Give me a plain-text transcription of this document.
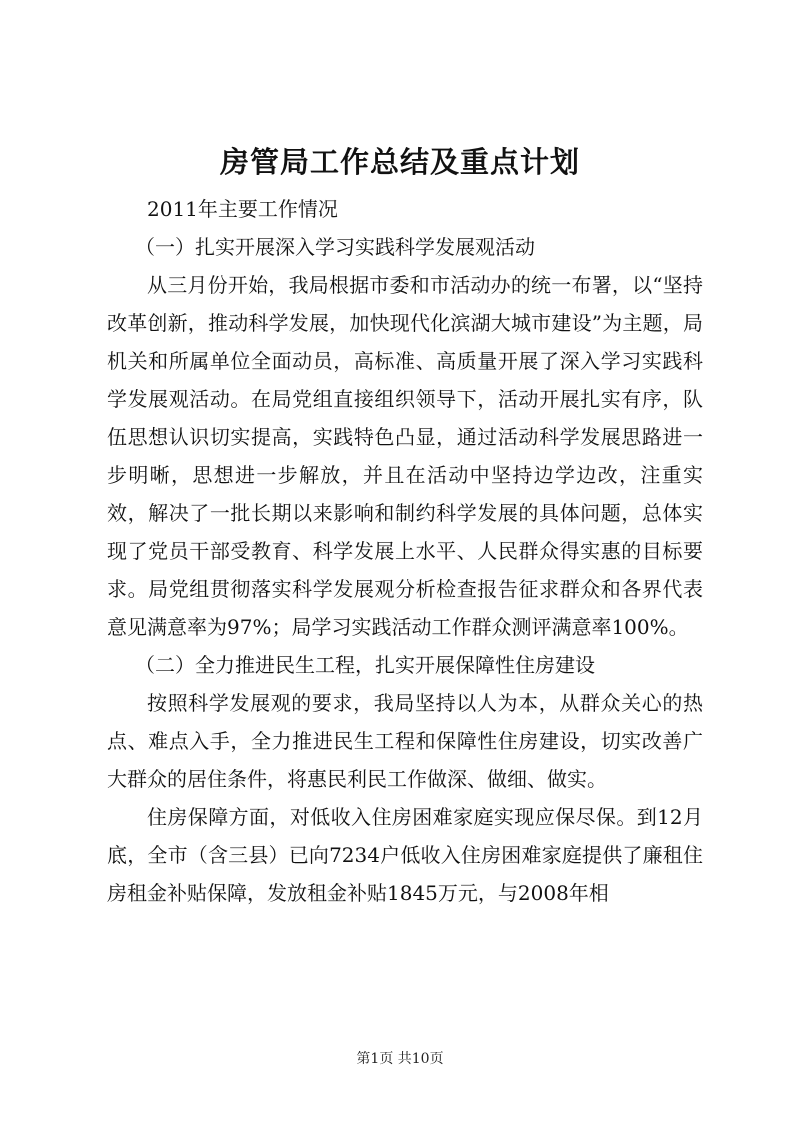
房管局工作总结及重点计划

2011年主要工作情况

（一）扎实开展深入学习实践科学发展观活动

从三月份开始，我局根据市委和市活动办的统一布署，以“坚持改革创新，推动科学发展，加快现代化滨湖大城市建设”为主题，局机关和所属单位全面动员，高标准、高质量开展了深入学习实践科学发展观活动。在局党组直接组织领导下，活动开展扎实有序，队伍思想认识切实提高，实践特色凸显，通过活动科学发展思路进一步明晰，思想进一步解放，并且在活动中坚持边学边改，注重实效，解决了一批长期以来影响和制约科学发展的具体问题，总体实现了党员干部受教育、科学发展上水平、人民群众得实惠的目标要求。局党组贯彻落实科学发展观分析检查报告征求群众和各界代表意见满意率为97%；局学习实践活动工作群众测评满意率100%。

（二）全力推进民生工程，扎实开展保障性住房建设

按照科学发展观的要求，我局坚持以人为本，从群众关心的热点、难点入手，全力推进民生工程和保障性住房建设，切实改善广大群众的居住条件，将惠民利民工作做深、做细、做实。

住房保障方面，对低收入住房困难家庭实现应保尽保。到12月底，全市（含三县）已向7234户低收入住房困难家庭提供了廉租住房租金补贴保障，发放租金补贴1845万元，与2008年相

第1页 共10页
